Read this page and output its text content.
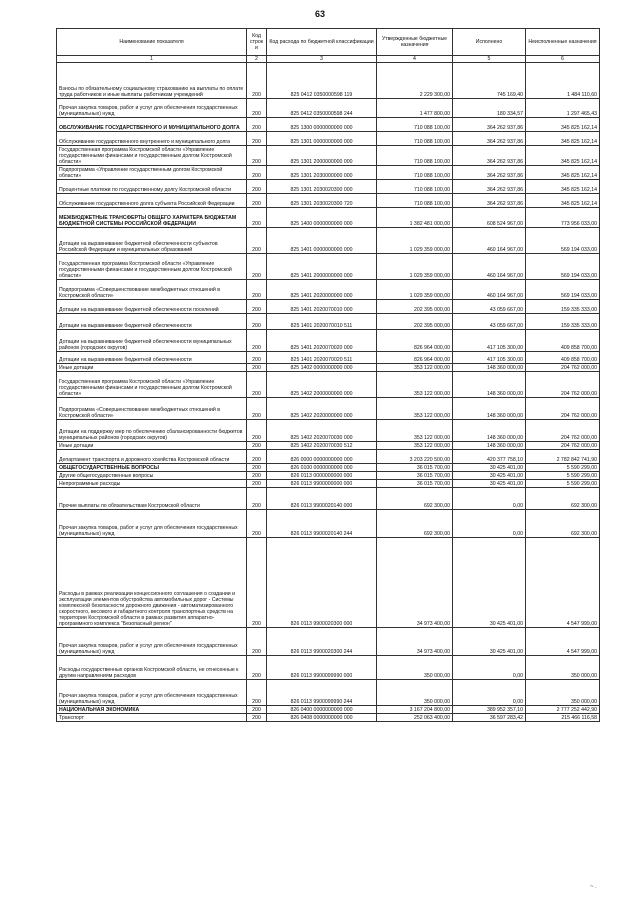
63
Наименование показателя	Код строк и	Код расхода по бюджетной классификации	Утвержденные бюджетные назначения	Исполнено	Неисполненные назначения
1	2	3	4	5	6
Взносы по обязательному социальному страхованию на выплаты по оплате труда работников и иные выплаты работникам учреждений	200	825 0412 0350000598 119	2 229 300,00	745 169,40	1 484 110,60
Прочая закупка товаров, работ и услуг для обеспечения государственных (муниципальных) нужд	200	825 0412 0350000598 244	1 477 800,00	180 334,57	1 297 465,43
ОБСЛУЖИВАНИЕ ГОСУДАРСТВЕННОГО И МУНИЦИПАЛЬНОГО ДОЛГА	200	825 1300 0000000000 000	710 088 100,00	364 262 937,86	345 825 162,14
Обслуживание государственного внутреннего и муниципального долга	200	825 1301 0000000000 000	710 088 100,00	364 262 937,86	345 825 162,14
Государственная программа Костромской области «Управление государственными финансами и государственным долгом Костромской области»	200	825 1301 2000000000 000	710 088 100,00	364 262 937,86	345 825 162,14
Подпрограмма «Управление государственным долгом Костромской области»	200	825 1301 2030000000 000	710 088 100,00	364 262 937,86	345 825 162,14
Процентные платежи по государственному долгу Костромской области	200	825 1301 2030020300 000	710 088 100,00	364 262 937,86	345 825 162,14
Обслуживание государственного долга субъекта Российской Федерации	200	825 1301 2030020300 720	710 088 100,00	364 262 937,86	345 825 162,14
МЕЖБЮДЖЕТНЫЕ ТРАНСФЕРТЫ ОБЩЕГО ХАРАКТЕРА БЮДЖЕТАМ БЮДЖЕТНОЙ СИСТЕМЫ РОССИЙСКОЙ ФЕДЕРАЦИИ	200	825 1400 0000000000 000	1 382 481 000,00	608 524 967,00	773 956 033,00
Дотации на выравнивание бюджетной обеспеченности субъектов Российской Федерации и муниципальных образований	200	825 1401 0000000000 000	1 029 359 000,00	460 164 967,00	569 194 033,00
Государственная программа Костромской области «Управление государственными финансами и государственным долгом Костромской области»	200	825 1401 2000000000 000	1 029 359 000,00	460 164 967,00	569 194 033,00
Подпрограмма «Совершенствование межбюджетных отношений в Костромской области»	200	825 1401 2020000000 000	1 029 359 000,00	460 164 967,00	569 194 033,00
Дотации на выравнивание бюджетной обеспеченности поселений	200	825 1401 2020070010 000	202 395 000,00	43 059 667,00	159 335 333,00
Дотации на выравнивание бюджетной обеспеченности	200	825 1401 2020070010 511	202 395 000,00	43 059 667,00	159 335 333,00
Дотации на выравнивание бюджетной обеспеченности муниципальных районов (городских округов)	200	825 1401 2020070020 000	826 964 000,00	417 105 300,00	409 858 700,00
Дотации на выравнивание бюджетной обеспеченности	200	825 1401 2020070020 511	826 964 000,00	417 105 300,00	409 858 700,00
Иные дотации	200	825 1402 0000000000 000	353 122 000,00	148 360 000,00	204 762 000,00
Государственная программа Костромской области «Управление государственными финансами и государственным долгом Костромской области»	200	825 1402 2000000000 000	353 122 000,00	148 360 000,00	204 762 000,00
Подпрограмма «Совершенствование межбюджетных отношений в Костромской области»	200	825 1402 2020000000 000	353 122 000,00	148 360 000,00	204 762 000,00
Дотации на поддержку мер по обеспечению сбалансированности бюджетов муниципальных районов (городских округов)	200	825 1402 2020070030 000	353 122 000,00	148 360 000,00	204 762 000,00
Иные дотации	200	825 1402 2020070030 512	353 122 000,00	148 360 000,00	204 762 000,00
Департамент транспорта и дорожного хозяйства Костромской области	200	826 0000 0000000000 000	3 203 220 500,00	420 377 758,10	2 782 842 741,90
ОБЩЕГОСУДАРСТВЕННЫЕ ВОПРОСЫ	200	826 0100 0000000000 000	36 015 700,00	30 425 401,00	5 590 299,00
Другие общегосударственные вопросы	200	826 0113 0000000000 000	36 015 700,00	30 425 401,00	5 590 299,00
Непрограммные расходы	200	826 0113 9900000000 000	36 015 700,00	30 425 401,00	5 590 299,00
Прочие выплаты по обязательствам Костромской области	200	826 0113 9900020140 000	692 300,00	0,00	692 300,00
Прочая закупка товаров, работ и услуг для обеспечения государственных (муниципальных) нужд	200	826 0113 9900020140 244	692 300,00	0,00	692 300,00
Расходы в рамках реализации концессионного соглашения о создании и эксплуатации элементов обустройства автомобильных дорог - Системы комплексной безопасности дорожного движения - автоматизированного скоростного, весового и габаритного контроля транспортных средств на территории Костромской области в рамках развития аппаратно-программного комплекса "Безопасный регион"	200	826 0113 9900020300 000	34 973 400,00	30 425 401,00	4 547 999,00
Прочая закупка товаров, работ и услуг для обеспечения государственных (муниципальных) нужд	200	826 0113 9900020300 244	34 973 400,00	30 425 401,00	4 547 999,00
Расходы государственных органов Костромской области, не отнесенные к другим направлениям расходов	200	826 0113 9900099990 000	350 000,00	0,00	350 000,00
Прочая закупка товаров, работ и услуг для обеспечения государственных (муниципальных) нужд	200	826 0113 9900099990 244	350 000,00	0,00	350 000,00
НАЦИОНАЛЬНАЯ ЭКОНОМИКА	200	826 0400 0000000000 000	3 167 204 800,00	389 952 357,10	2 777 252 442,90
Транспорт	200	826 0408 0000000000 000	252 063 400,00	36 597 283,42	215 466 116,58
~ .
